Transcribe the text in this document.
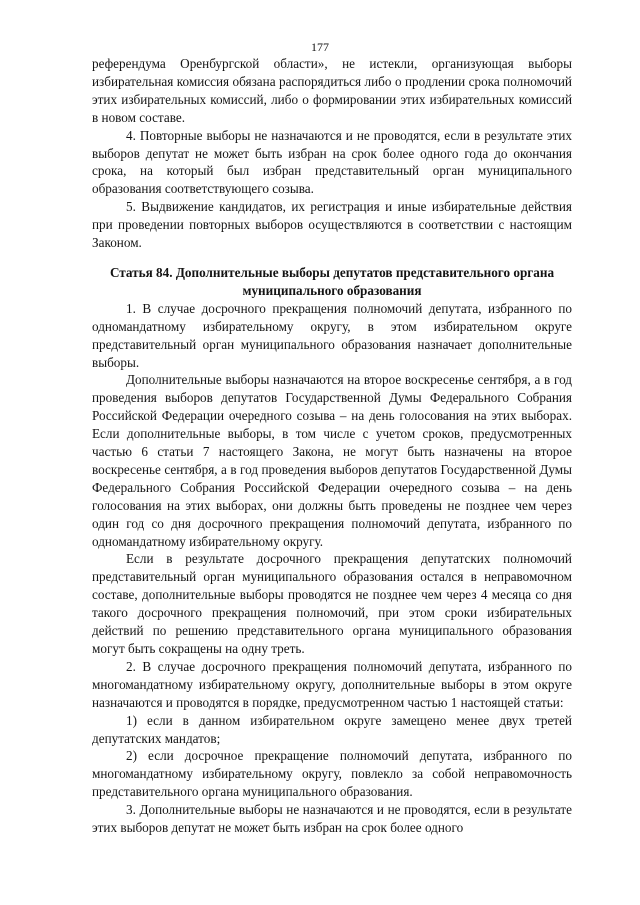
177

референдума Оренбургской области», не истекли, организующая выборы избирательная комиссия обязана распорядиться либо о продлении срока полномочий этих избирательных комиссий, либо о формировании этих избирательных комиссий в новом составе.

4. Повторные выборы не назначаются и не проводятся, если в результате этих выборов депутат не может быть избран на срок более одного года до окончания срока, на который был избран представительный орган муниципального образования соответствующего созыва.

5. Выдвижение кандидатов, их регистрация и иные избирательные действия при проведении повторных выборов осуществляются в соответствии с настоящим Законом.

Статья 84. Дополнительные выборы депутатов представительного органа муниципального образования

1. В случае досрочного прекращения полномочий депутата, избранного по одномандатному избирательному округу, в этом избирательном округе представительный орган муниципального образования назначает дополнительные выборы.

Дополнительные выборы назначаются на второе воскресенье сентября, а в год проведения выборов депутатов Государственной Думы Федерального Собрания Российской Федерации очередного созыва – на день голосования на этих выборах. Если дополнительные выборы, в том числе с учетом сроков, предусмотренных частью 6 статьи 7 настоящего Закона, не могут быть назначены на второе воскресенье сентября, а в год проведения выборов депутатов Государственной Думы Федерального Собрания Российской Федерации очередного созыва – на день голосования на этих выборах, они должны быть проведены не позднее чем через один год со дня досрочного прекращения полномочий депутата, избранного по одномандатному избирательному округу.

Если в результате досрочного прекращения депутатских полномочий представительный орган муниципального образования остался в неправомочном составе, дополнительные выборы проводятся не позднее чем через 4 месяца со дня такого досрочного прекращения полномочий, при этом сроки избирательных действий по решению представительного органа муниципального образования могут быть сокращены на одну треть.

2. В случае досрочного прекращения полномочий депутата, избранного по многомандатному избирательному округу, дополнительные выборы в этом округе назначаются и проводятся в порядке, предусмотренном частью 1 настоящей статьи:

1) если в данном избирательном округе замещено менее двух третей депутатских мандатов;

2) если досрочное прекращение полномочий депутата, избранного по многомандатному избирательному округу, повлекло за собой неправомочность представительного органа муниципального образования.

3. Дополнительные выборы не назначаются и не проводятся, если в результате этих выборов депутат не может быть избран на срок более одного
